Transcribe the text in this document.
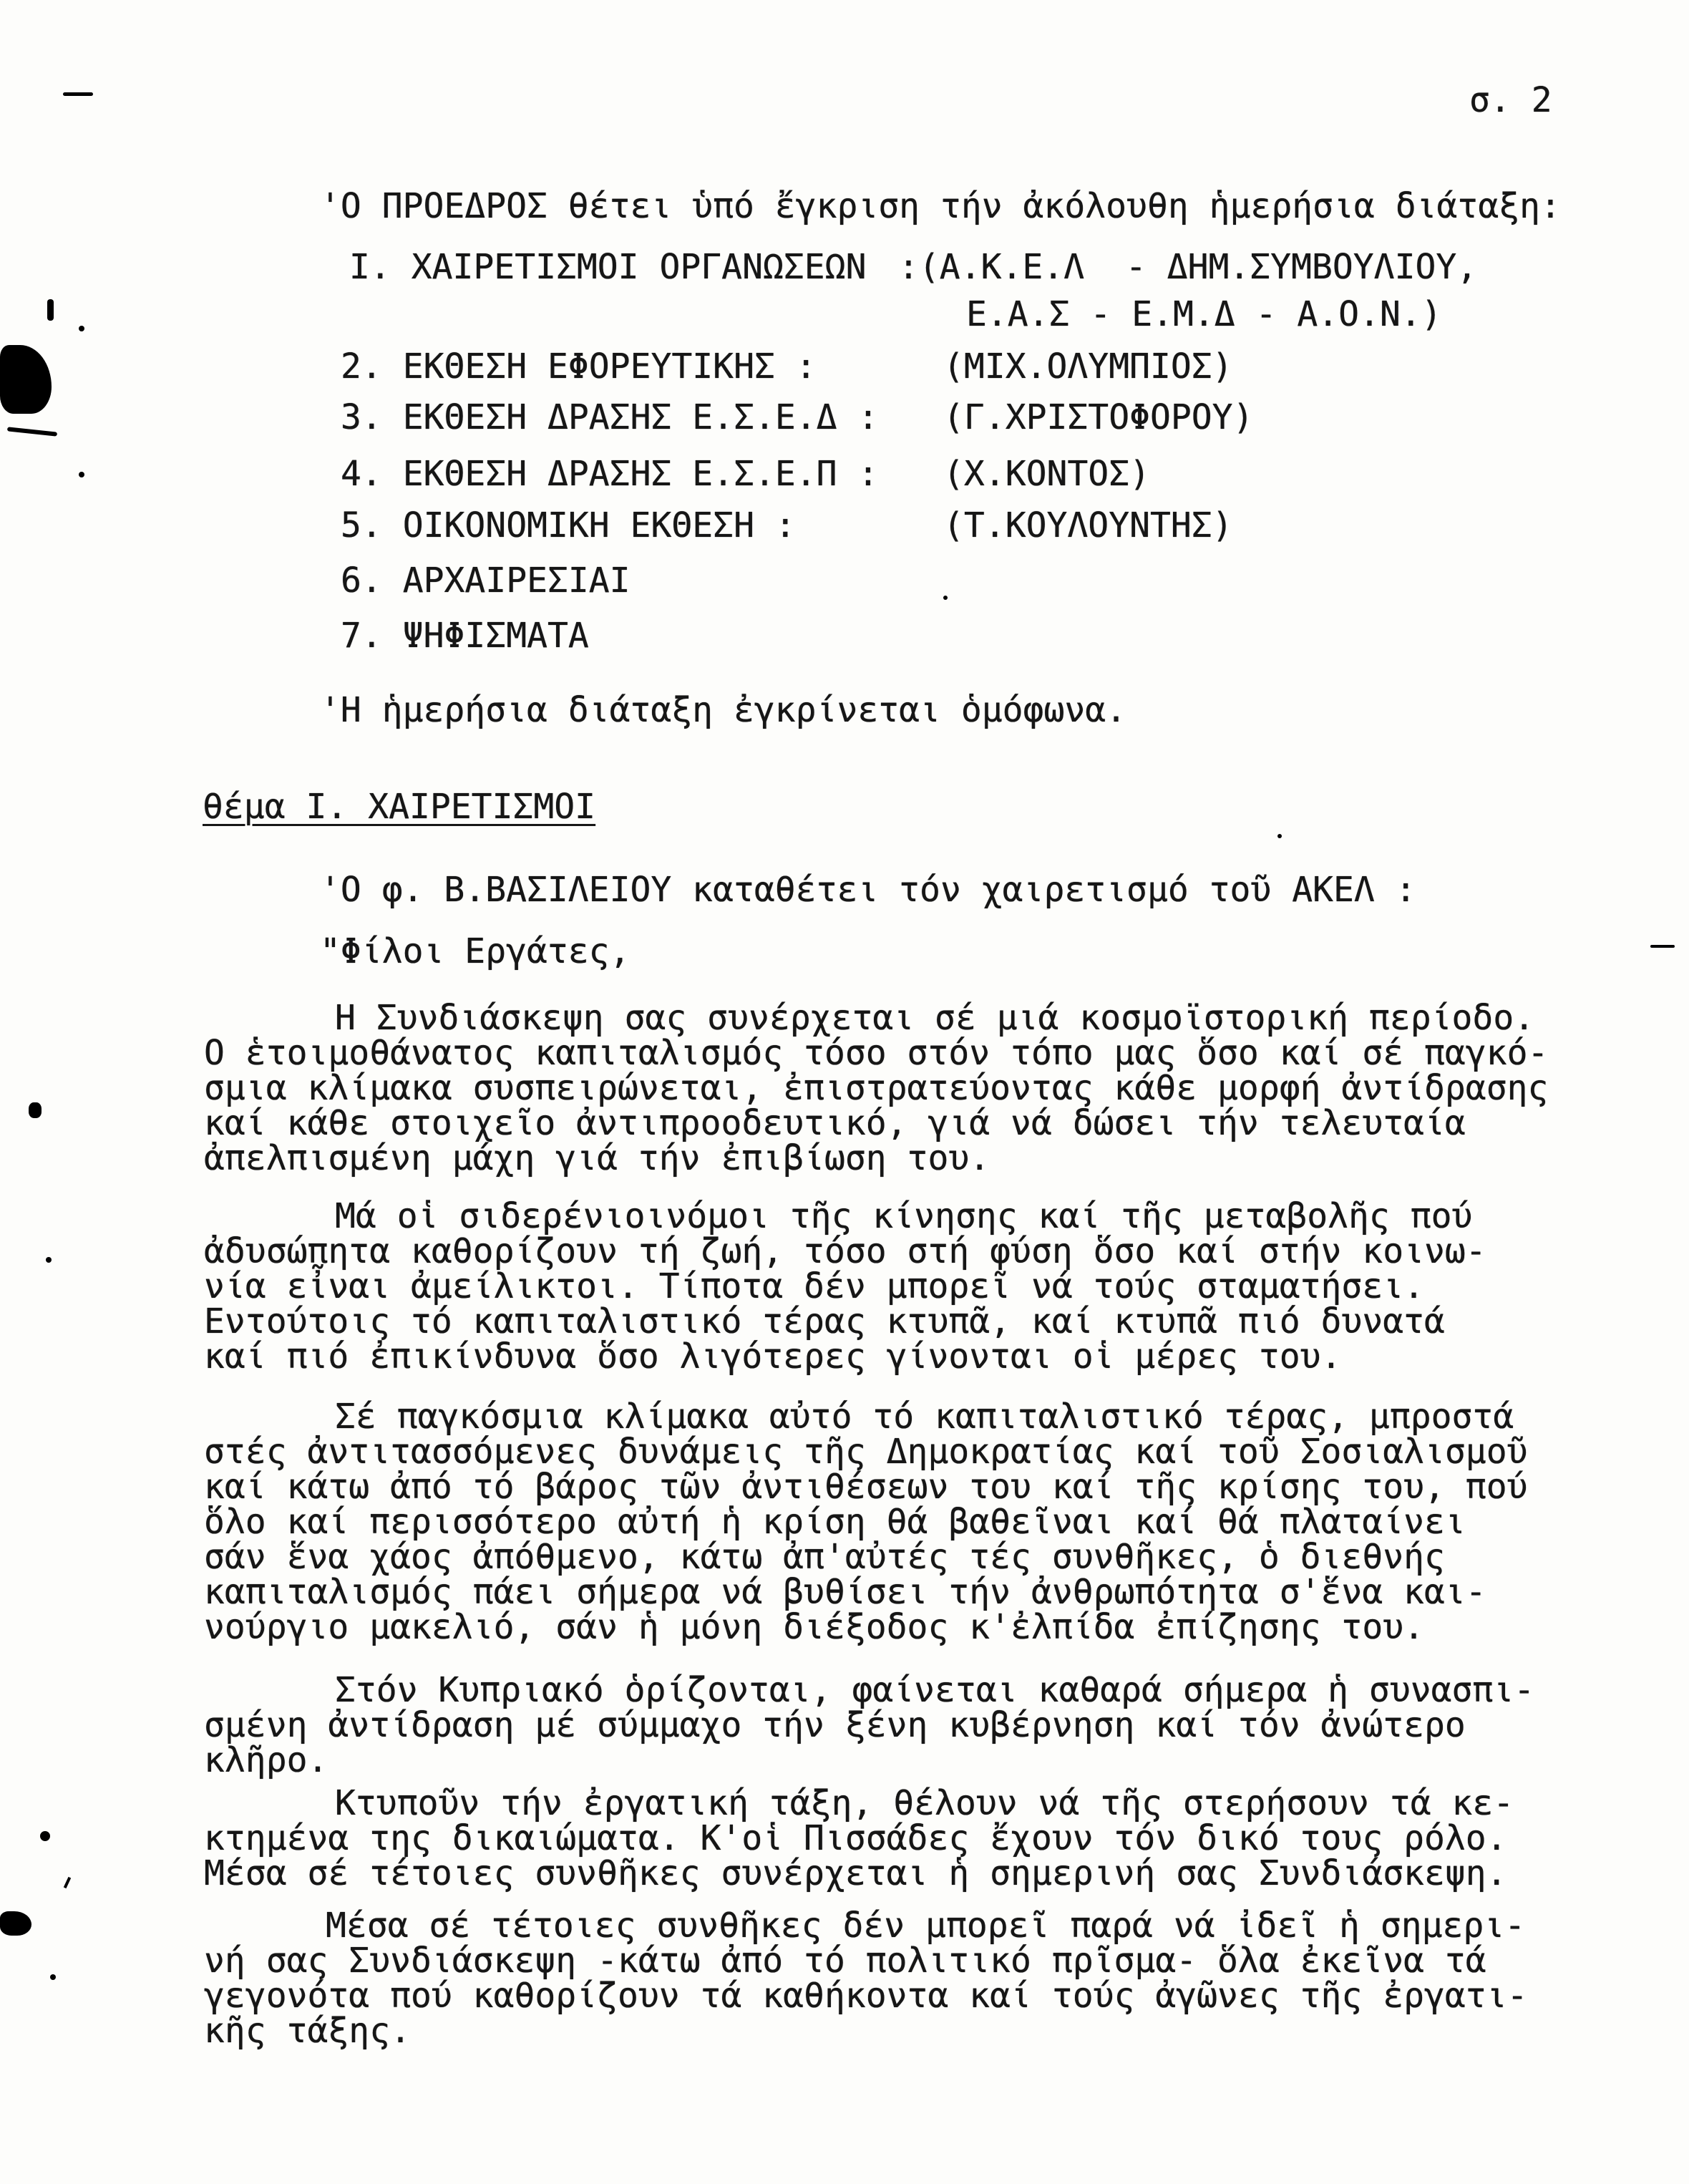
σ. 2
'Ο ΠΡΟΕΔΡΟΣ θέτει ὑπό ἔγκριση τήν ἀκόλουθη ἡμερήσια διάταξη:
Ι. ΧΑΙΡΕΤΙΣΜΟΙ ΟΡΓΑΝΩΣΕΩΝ :(Α.Κ.Ε.Λ  - ΔΗΜ.ΣΥΜΒΟΥΛΙΟΥ,
Ε.Α.Σ - Ε.Μ.Δ - Α.Ο.Ν.)
2. ΕΚΘΕΣΗ ΕΦΟΡΕΥΤΙΚΗΣ :	(ΜΙΧ.ΟΛΥΜΠΙΟΣ)
3. ΕΚΘΕΣΗ ΔΡΑΣΗΣ Ε.Σ.Ε.Δ : (Γ.ΧΡΙΣΤΟΦΟΡΟΥ)
4. ΕΚΘΕΣΗ ΔΡΑΣΗΣ Ε.Σ.Ε.Π : (Χ.ΚΟΝΤΟΣ)
5. ΟΙΚΟΝΟΜΙΚΗ ΕΚΘΕΣΗ :	(Τ.ΚΟΥΛΟΥΝΤΗΣ)
6. ΑΡΧΑΙΡΕΣΙΑΙ
7. ΨΗΦΙΣΜΑΤΑ
'Η ἡμερήσια διάταξη ἐγκρίνεται ὁμόφωνα.
θέμα Ι. ΧΑΙΡΕΤΙΣΜΟΙ
'Ο φ. Β.ΒΑΣΙΛΕΙΟΥ καταθέτει τόν χαιρετισμό τοῦ ΑΚΕΛ :
"Φίλοι Εργάτες,
Η Συνδιάσκεψη σας συνέρχεται σέ μιά κοσμοϊστορική περίοδο.
Ο ἑτοιμοθάνατος καπιταλισμός τόσο στόν τόπο μας ὅσο καί σέ παγκό-
σμια κλίμακα συσπειρώνεται, ἐπιστρατεύοντας κάθε μορφή ἀντίδρασης
καί κάθε στοιχεῖο ἀντιπροοδευτικό, γιά νά δώσει τήν τελευταία
ἀπελπισμένη μάχη γιά τήν ἐπιβίωση του.
Μά οἱ σιδερένιοινόμοι τῆς κίνησης καί τῆς μεταβολῆς πού
ἀδυσώπητα καθορίζουν τή ζωή, τόσο στή φύση ὅσο καί στήν κοινω-
νία εἶναι ἀμείλικτοι. Τίποτα δέν μπορεῖ νά τούς σταματήσει.
Εντούτοις τό καπιταλιστικό τέρας κτυπᾶ, καί κτυπᾶ πιό δυνατά
καί πιό ἐπικίνδυνα ὅσο λιγότερες γίνονται οἱ μέρες του.
Σέ παγκόσμια κλίμακα αὐτό τό καπιταλιστικό τέρας, μπροστά
στές ἀντιτασσόμενες δυνάμεις τῆς Δημοκρατίας καί τοῦ Σοσιαλισμοῦ
καί κάτω ἀπό τό βάρος τῶν ἀντιθέσεων του καί τῆς κρίσης του, πού
ὅλο καί περισσότερο αὐτή ἡ κρίση θά βαθεῖναι καί θά πλαταίνει
σάν ἕνα χάος ἀπόθμενο, κάτω ἀπ'αὐτές τές συνθῆκες, ὁ διεθνής
καπιταλισμός πάει σήμερα νά βυθίσει τήν ἀνθρωπότητα σ'ἕνα και-
νούργιο μακελιό, σάν ἡ μόνη διέξοδος κ'ἐλπίδα ἐπίζησης του.
Στόν Κυπριακό ὁρίζονται, φαίνεται καθαρά σήμερα ἡ συνασπι-
σμένη ἀντίδραση μέ σύμμαχο τήν ξένη κυβέρνηση καί τόν ἀνώτερο
κλῆρο.
Κτυποῦν τήν ἐργατική τάξη, θέλουν νά τῆς στερήσουν τά κε-
κτημένα της δικαιώματα. Κ'οἱ Πισσάδες ἔχουν τόν δικό τους ρόλο.
Μέσα σέ τέτοιες συνθῆκες συνέρχεται ἡ σημερινή σας Συνδιάσκεψη.
Μέσα σέ τέτοιες συνθῆκες δέν μπορεῖ παρά νά ἰδεῖ ἡ σημερι-
νή σας Συνδιάσκεψη -κάτω ἀπό τό πολιτικό πρῖσμα- ὅλα ἐκεῖνα τά
γεγονότα πού καθορίζουν τά καθήκοντα καί τούς ἀγῶνες τῆς ἐργατι-
κῆς τάξης.
